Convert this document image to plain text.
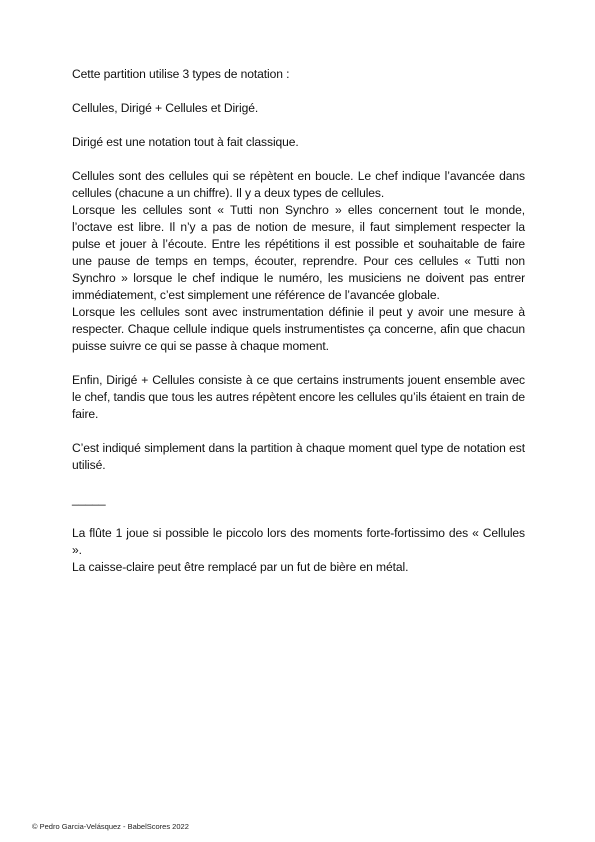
Cette partition utilise 3 types de notation :

Cellules, Dirigé + Cellules et Dirigé.

Dirigé est une notation tout à fait classique.

Cellules sont des cellules qui se répètent en boucle. Le chef indique l’avancée dans cellules (chacune a un chiffre). Il y a deux types de cellules.

Lorsque les cellules sont « Tutti non Synchro » elles concernent tout le monde, l’octave est libre. Il n’y a pas de notion de mesure, il faut simplement respecter la pulse et jouer à l’écoute. Entre les répétitions il est possible et souhaitable de faire une pause de temps en temps, écouter, reprendre. Pour ces cellules « Tutti non Synchro » lorsque le chef indique le numéro, les musiciens ne doivent pas entrer immédiatement, c’est simplement une référence de l’avancée globale.

Lorsque les cellules sont avec instrumentation définie il peut y avoir une mesure à respecter. Chaque cellule indique quels instrumentistes ça concerne, afin que chacun puisse suivre ce qui se passe à chaque moment.

Enfin, Dirigé + Cellules consiste à ce que certains instruments jouent ensemble avec le chef, tandis que tous les autres répètent encore les cellules qu’ils étaient en train de faire.

C’est indiqué simplement dans la partition à chaque moment quel type de notation est utilisé.

_____

La flûte 1 joue si possible le piccolo lors des moments forte-fortissimo des « Cellules ».

La caisse-claire peut être remplacé par un fut de bière en métal.

© Pedro Garcia-Velásquez - BabelScores 2022
